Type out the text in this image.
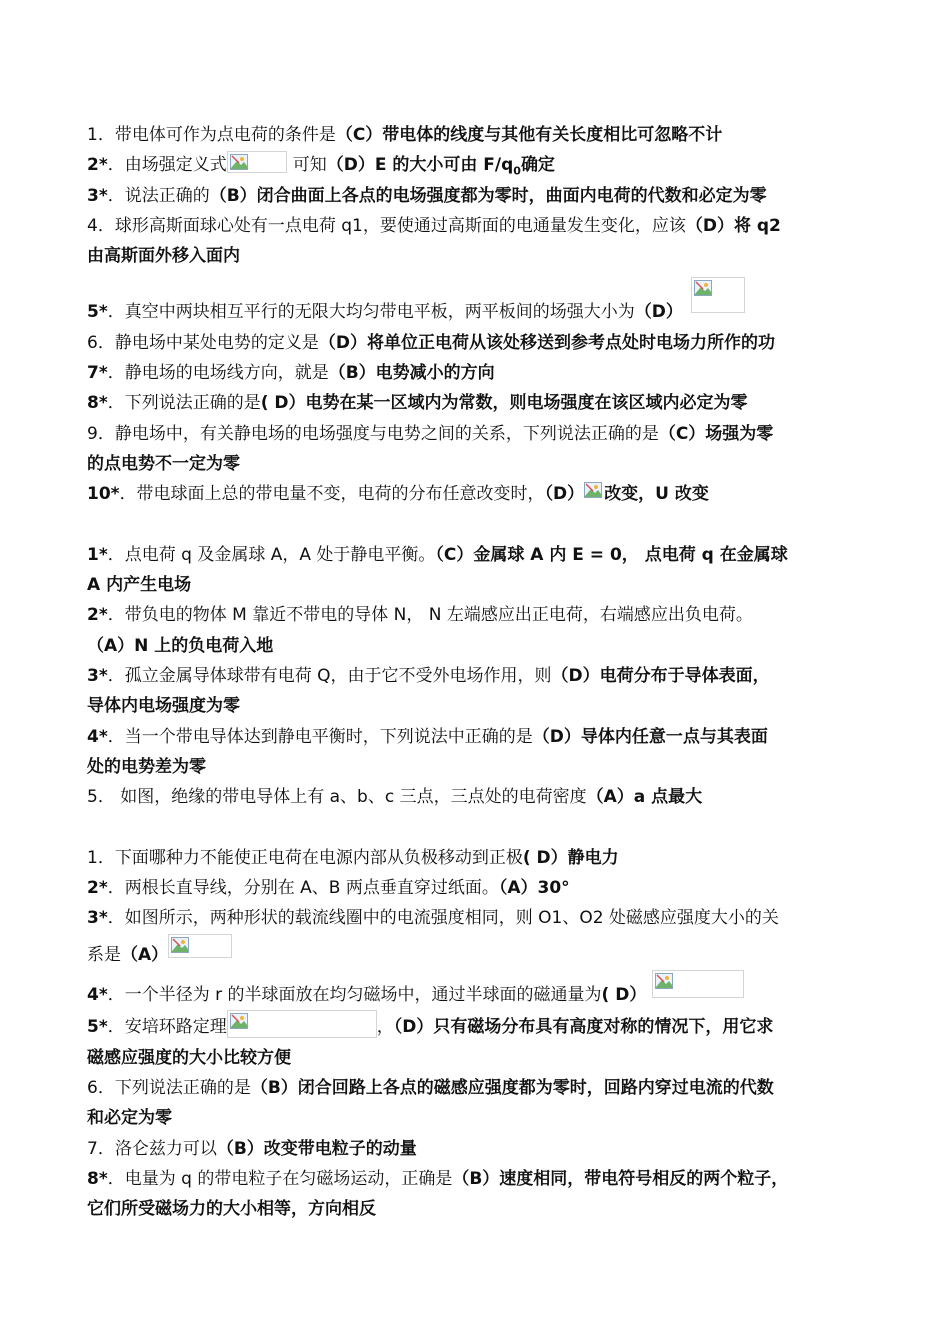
1．带电体可作为点电荷的条件是（C）带电体的线度与其他有关长度相比可忽略不计
2*．由场强定义式	可知（D）E 的大小可由 $F/q_0$确定
3*．说法正确的（B）闭合曲面上各点的电场强度都为零时，曲面内电荷的代数和必定为零
4．球形高斯面球心处有一点电荷 q1，要使通过高斯面的电通量发生变化，应该（D）将 q2
由高斯面外移入面内
5*．真空中两块相互平行的无限大均匀带电平板，两平板间的场强大小为（D）
6．静电场中某处电势的定义是（D）将单位正电荷从该处移送到参考点处时电场力所作的功
7*．静电场的电场线方向，就是（B）电势减小的方向
8*．下列说法正确的是( D）电势在某一区域内为常数，则电场强度在该区域内必定为零
9．静电场中，有关静电场的电场强度与电势之间的关系，下列说法正确的是（C）场强为零
的点电势不一定为零
10*．带电球面上总的带电量不变，电荷的分布任意改变时，（D） 改变，U 改变
1*．点电荷 q 及金属球 A，A 处于静电平衡。（C）金属球 A 内 E = 0， 点电荷 q 在金属球
A 内产生电场
2*．带负电的物体 M 靠近不带电的导体 N， N 左端感应出正电荷，右端感应出负电荷。
（A）N 上的负电荷入地
3*．孤立金属导体球带有电荷 Q，由于它不受外电场作用，则（D）电荷分布于导体表面，
导体内电场强度为零
4*．当一个带电导体达到静电平衡时，下列说法中正确的是（D）导体内任意一点与其表面
处的电势差为零
5． 如图，绝缘的带电导体上有 a、b、c 三点，三点处的电荷密度（A）a 点最大
1．下面哪种力不能使正电荷在电源内部从负极移动到正极( D）静电力
2*．两根长直导线，分别在 A、B 两点垂直穿过纸面。（A）30°
3*．如图所示，两种形状的载流线圈中的电流强度相同，则 O1、O2 处磁感应强度大小的关
系是（A）
4*．一个半径为 r 的半球面放在均匀磁场中，通过半球面的磁通量为( D）
5*．安培环路定理	，（D）只有磁场分布具有高度对称的情况下，用它求
磁感应强度的大小比较方便
6．下列说法正确的是（B）闭合回路上各点的磁感应强度都为零时，回路内穿过电流的代数
和必定为零
7．洛仑兹力可以（B）改变带电粒子的动量
8*．电量为 q 的带电粒子在匀磁场运动，正确是（B）速度相同，带电符号相反的两个粒子，
它们所受磁场力的大小相等，方向相反
